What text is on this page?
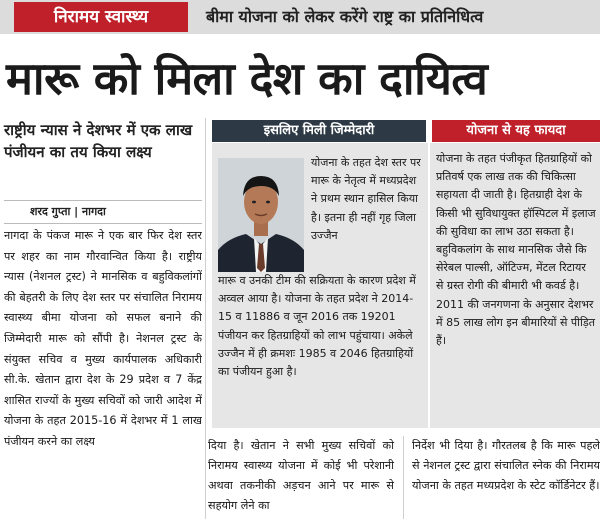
निरामय स्वास्थ्य	बीमा योजना को लेकर करेंगे राष्ट्र का प्रतिनिधित्व
मारू को मिला देश का दायित्व
राष्ट्रीय न्यास ने देशभर में एक लाख पंजीयन का तय किया लक्ष्य
शरद गुप्ता | नागदा
नागदा के पंकज मारू ने एक बार फिर देश स्तर पर शहर का नाम गौरवान्वित किया है। राष्ट्रीय न्यास (नेशनल ट्रस्ट) ने मानसिक व बहुविकलांगों की बेहतरी के लिए देश स्तर पर संचालित निरामय स्वास्थ्य बीमा योजना को सफल बनाने की जिम्मेदारी मारू को सौंपी है। नेशनल ट्रस्ट के संयुक्त सचिव व मुख्य कार्यपालक अधिकारी सी.के. खेतान द्वारा देश के 29 प्रदेश व 7 केंद्र शासित राज्यों के मुख्य सचिवों को जारी आदेश में योजना के तहत 2015-16 में देशभर में 1 लाख पंजीयन करने का लक्ष्य
इसलिए मिली जिम्मेदारी	योजना से यह फायदा
योजना के तहत देश स्तर पर मारू के नेतृत्व में मध्यप्रदेश ने प्रथम स्थान हासिल किया है। इतना ही नहीं गृह जिला उज्जैन
मारू व उनकी टीम की सक्रियता के कारण प्रदेश में अव्वल आया है। योजना के तहत प्रदेश ने 2014-15 व 11886 व जून 2016 तक 19201 पंजीयन कर हितग्राहियों को लाभ पहुंचाया। अकेले उज्जैन में ही क्रमशः 1985 व 2046 हितग्राहियों का पंजीयन हुआ है।
योजना के तहत पंजीकृत हितग्राहियों को प्रतिवर्ष एक लाख तक की चिकित्सा सहायता दी जाती है। हितग्राही देश के किसी भी सुविधायुक्त हॉस्पिटल में इलाज की सुविधा का लाभ उठा सकता है। बहुविकलांग के साथ मानसिक जैसे कि सेरेबल पाल्सी, ऑटिज्म, मेंटल रिटायर से ग्रस्त रोगी की बीमारी भी कवर्ड है। 2011 की जनगणना के अनुसार देशभर में 85 लाख लोग इन बीमारियों से पीड़ित हैं।
दिया है। खेतान ने सभी मुख्य सचिवों को निरामय स्वास्थ्य योजना में कोई भी परेशानी अथवा तकनीकी अड़चन आने पर मारू से सहयोग लेने का
निर्देश भी दिया है। गौरतलब है कि मारू पहले से नेशनल ट्रस्ट द्वारा संचालित स्नेक की निरामय योजना के तहत मध्यप्रदेश के स्टेट कॉर्डिनेटर हैं।
